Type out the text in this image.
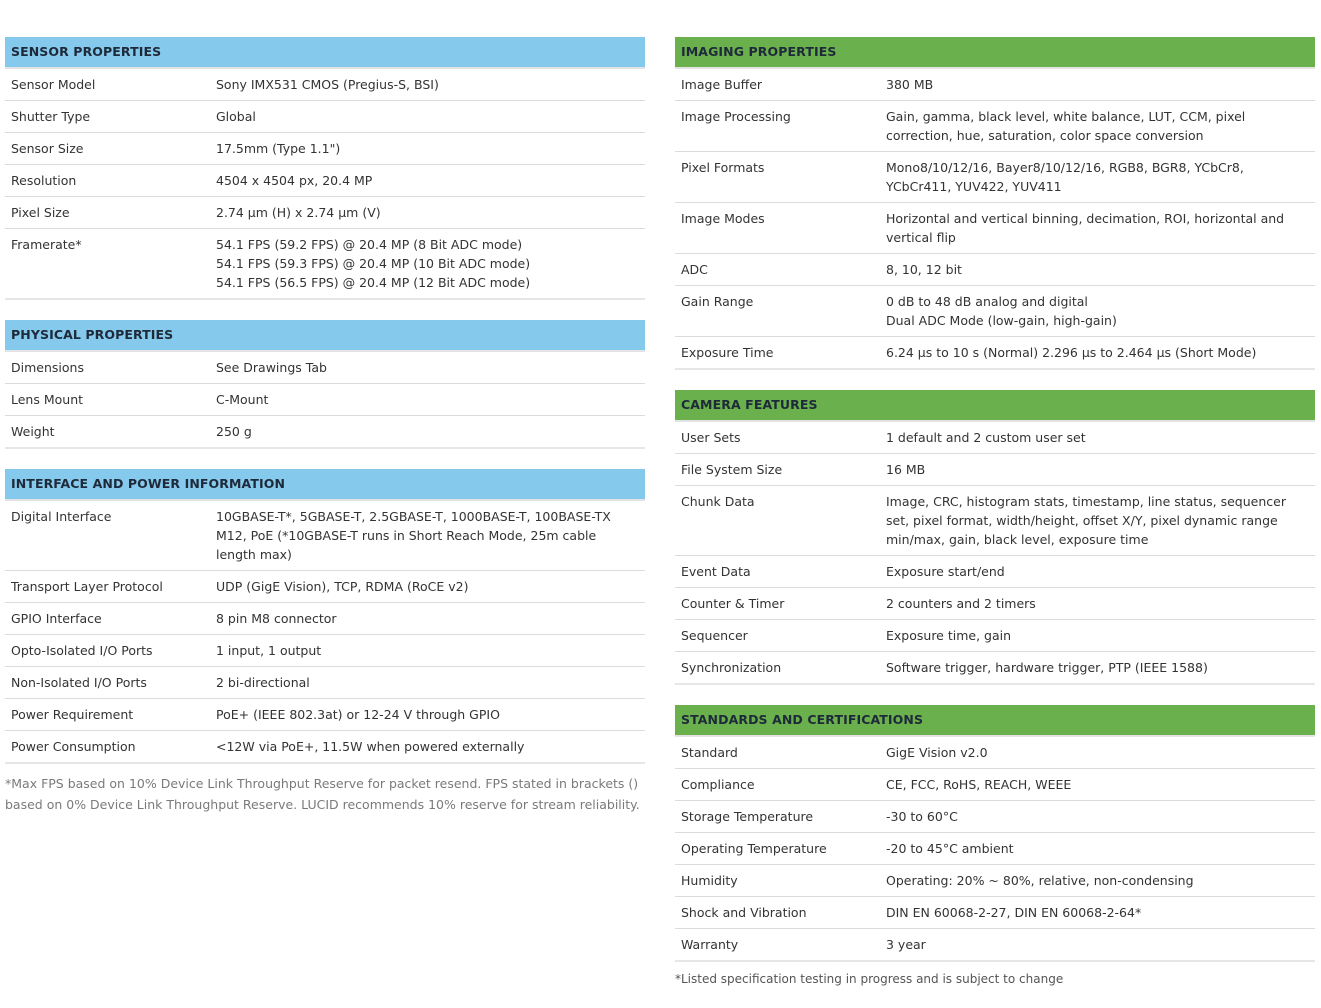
SENSOR PROPERTIES
Sensor Model	Sony IMX531 CMOS (Pregius-S, BSI)
Shutter Type	Global
Sensor Size	17.5mm (Type 1.1")
Resolution	4504 x 4504 px, 20.4 MP
Pixel Size	2.74 μm (H) x 2.74 μm (V)
Framerate*	54.1 FPS (59.2 FPS) @ 20.4 MP (8 Bit ADC mode)
54.1 FPS (59.3 FPS) @ 20.4 MP (10 Bit ADC mode)
54.1 FPS (56.5 FPS) @ 20.4 MP (12 Bit ADC mode)
PHYSICAL PROPERTIES
Dimensions	See Drawings Tab
Lens Mount	C-Mount
Weight	250 g
INTERFACE AND POWER INFORMATION
Digital Interface	10GBASE-T*, 5GBASE-T, 2.5GBASE-T, 1000BASE-T, 100BASE-TX M12, PoE (*10GBASE-T runs in Short Reach Mode, 25m cable length max)
Transport Layer Protocol	UDP (GigE Vision), TCP, RDMA (RoCE v2)
GPIO Interface	8 pin M8 connector
Opto-Isolated I/O Ports	1 input, 1 output
Non-Isolated I/O Ports	2 bi-directional
Power Requirement	PoE+ (IEEE 802.3at) or 12-24 V through GPIO
Power Consumption	<12W via PoE+, 11.5W when powered externally
*Max FPS based on 10% Device Link Throughput Reserve for packet resend. FPS stated in brackets () based on 0% Device Link Throughput Reserve. LUCID recommends 10% reserve for stream reliability.
IMAGING PROPERTIES
Image Buffer	380 MB
Image Processing	Gain, gamma, black level, white balance, LUT, CCM, pixel correction, hue, saturation, color space conversion
Pixel Formats	Mono8/10/12/16, Bayer8/10/12/16, RGB8, BGR8, YCbCr8, YCbCr411, YUV422, YUV411
Image Modes	Horizontal and vertical binning, decimation, ROI, horizontal and vertical flip
ADC	8, 10, 12 bit
Gain Range	0 dB to 48 dB analog and digital
Dual ADC Mode (low-gain, high-gain)
Exposure Time	6.24 μs to 10 s (Normal) 2.296 μs to 2.464 μs (Short Mode)
CAMERA FEATURES
User Sets	1 default and 2 custom user set
File System Size	16 MB
Chunk Data	Image, CRC, histogram stats, timestamp, line status, sequencer set, pixel format, width/height, offset X/Y, pixel dynamic range min/max, gain, black level, exposure time
Event Data	Exposure start/end
Counter & Timer	2 counters and 2 timers
Sequencer	Exposure time, gain
Synchronization	Software trigger, hardware trigger, PTP (IEEE 1588)
STANDARDS AND CERTIFICATIONS
Standard	GigE Vision v2.0
Compliance	CE, FCC, RoHS, REACH, WEEE
Storage Temperature	-30 to 60°C
Operating Temperature	-20 to 45°C ambient
Humidity	Operating: 20% ~ 80%, relative, non-condensing
Shock and Vibration	DIN EN 60068-2-27, DIN EN 60068-2-64*
Warranty	3 year
*Listed specification testing in progress and is subject to change
